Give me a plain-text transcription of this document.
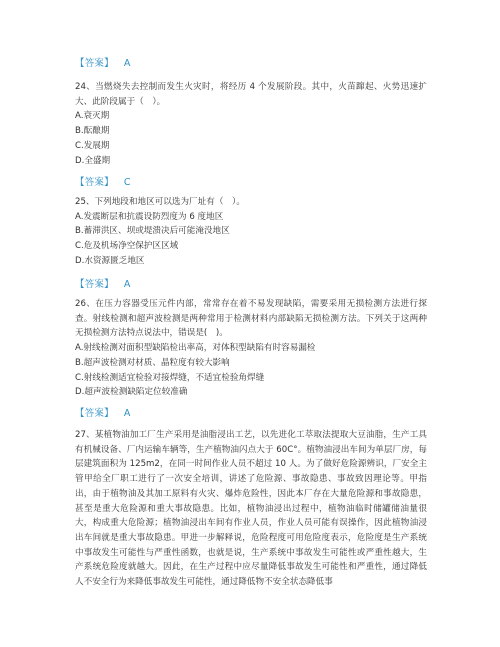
【答案】 A

24、当燃烧失去控制而发生火灾时，将经历 4 个发展阶段。其中，火苗蹿起、火势迅速扩大、此阶段属于（　）。

A.衰灭期
B.酝酿期
C.发展期
D.全盛期
【答案】 C

25、下列地段和地区可以选为厂址有（　）。

A.发震断层和抗震设防烈度为 6 度地区
B.蓄滞洪区、坝或堤溃决后可能淹没地区
C.危及机场净空保护区区域
D.水资源匮乏地区
【答案】 A

26、在压力容器受压元件内部，常常存在着不易发现缺陷，需要采用无损检测方法进行探查。射线检测和超声波检测是两种常用于检测材料内部缺陷无损检测方法。下列关于这两种无损检测方法特点说法中，错误是(　)。

A.射线检测对面积型缺陷检出率高，对体积型缺陷有时容易漏检
B.超声波检测对材质、晶粒度有较大影响
C.射线检测适宜检验对接焊缝，不适宜检验角焊缝
D.超声波检测缺陷定位较准确
【答案】 A

27、某植物油加工厂生产采用是油脂浸出工艺，以先进化工萃取法提取大豆油脂，生产工具有机械设备、厂内运输车辆等，生产植物油闪点大于 60C°。植物油浸出车间为单层厂房，每层建筑面积为 125m2，在同一时间作业人员不超过 10 人。为了做好危险源辨识，厂安全主管甲给全厂职工进行了一次安全培训，讲述了危险源、事故隐患、事故致因理论等。甲指出，由于植物油及其加工原料有火灾、爆炸危险性，因此本厂存在大量危险源和事故隐患，甚至是重大危险源和重大事故隐患。比如，植物油浸出过程中，植物油临时储罐储油量很大，构成重大危险源；植物油浸出车间有作业人员，作业人员可能有误操作，因此植物油浸出车间就是重大事故隐患。甲进一步解释说，危险程度可用危险度表示，危险度是生产系统中事故发生可能性与严重性函数，也就是说，生产系统中事故发生可能性或严重性越大，生产系统危险度就越大。因此，在生产过程中应尽量降低事故发生可能性和严重性，通过降低人不安全行为来降低事故发生可能性，通过降低物不安全状态降低事
